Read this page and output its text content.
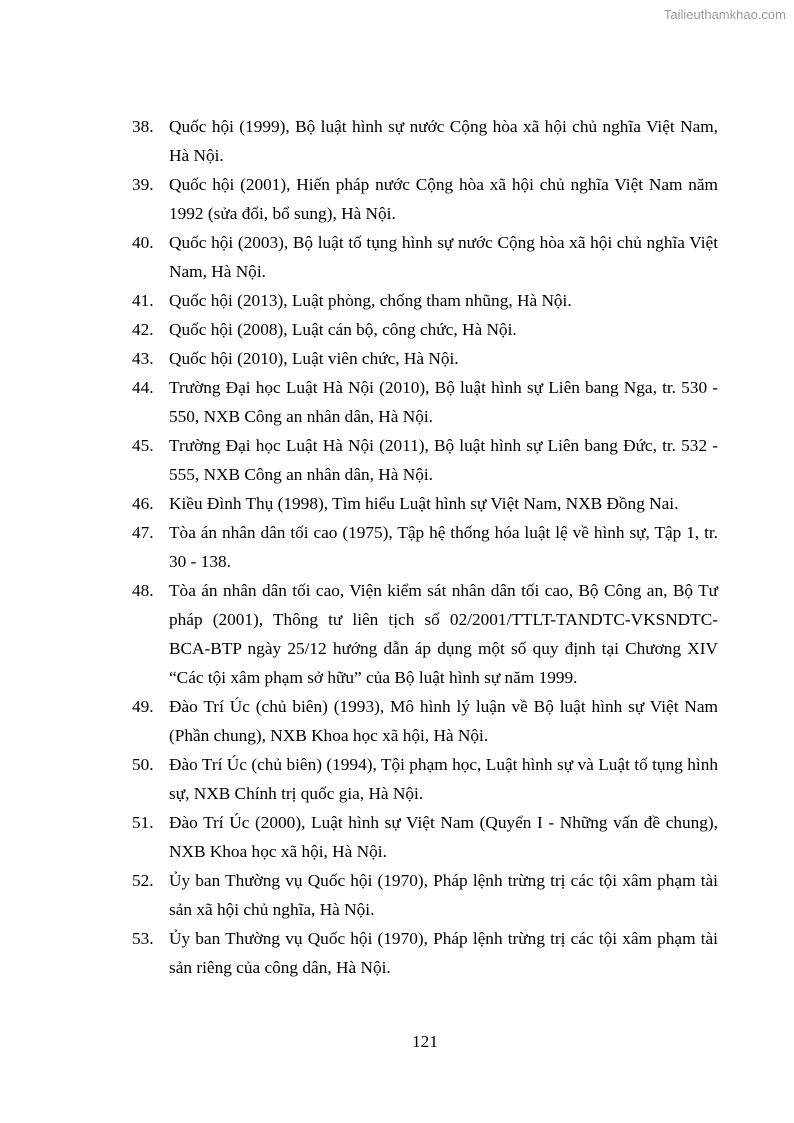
Tailieuthamkhao.com
38. Quốc hội (1999), Bộ luật hình sự nước Cộng hòa xã hội chủ nghĩa Việt Nam, Hà Nội.
39. Quốc hội (2001), Hiến pháp nước Cộng hòa xã hội chủ nghĩa Việt Nam năm 1992 (sửa đổi, bổ sung), Hà Nội.
40. Quốc hội (2003), Bộ luật tố tụng hình sự nước Cộng hòa xã hội chủ nghĩa Việt Nam, Hà Nội.
41. Quốc hội (2013), Luật phòng, chống tham nhũng, Hà Nội.
42. Quốc hội (2008), Luật cán bộ, công chức, Hà Nội.
43. Quốc hội (2010), Luật viên chức, Hà Nội.
44. Trường Đại học Luật Hà Nội (2010), Bộ luật hình sự Liên bang Nga, tr. 530 - 550, NXB Công an nhân dân, Hà Nội.
45. Trường Đại học Luật Hà Nội (2011), Bộ luật hình sự Liên bang Đức, tr. 532 - 555, NXB Công an nhân dân, Hà Nội.
46. Kiều Đình Thụ (1998), Tìm hiểu Luật hình sự Việt Nam, NXB Đồng Nai.
47. Tòa án nhân dân tối cao (1975), Tập hệ thống hóa luật lệ về hình sự, Tập 1, tr. 30 - 138.
48. Tòa án nhân dân tối cao, Viện kiểm sát nhân dân tối cao, Bộ Công an, Bộ Tư pháp (2001), Thông tư liên tịch số 02/2001/TTLT-TANDTC-VKSNDTC-BCA-BTP ngày 25/12 hướng dẫn áp dụng một số quy định tại Chương XIV “Các tội xâm phạm sở hữu” của Bộ luật hình sự năm 1999.
49. Đào Trí Úc (chủ biên) (1993), Mô hình lý luận về Bộ luật hình sự Việt Nam (Phần chung), NXB Khoa học xã hội, Hà Nội.
50. Đào Trí Úc (chủ biên) (1994), Tội phạm học, Luật hình sự và Luật tố tụng hình sự, NXB Chính trị quốc gia, Hà Nội.
51. Đào Trí Úc (2000), Luật hình sự Việt Nam (Quyển I - Những vấn đề chung), NXB Khoa học xã hội, Hà Nội.
52. Ủy ban Thường vụ Quốc hội (1970), Pháp lệnh trừng trị các tội xâm phạm tài sản xã hội chủ nghĩa, Hà Nội.
53. Ủy ban Thường vụ Quốc hội (1970), Pháp lệnh trừng trị các tội xâm phạm tài sản riêng của công dân, Hà Nội.
121
